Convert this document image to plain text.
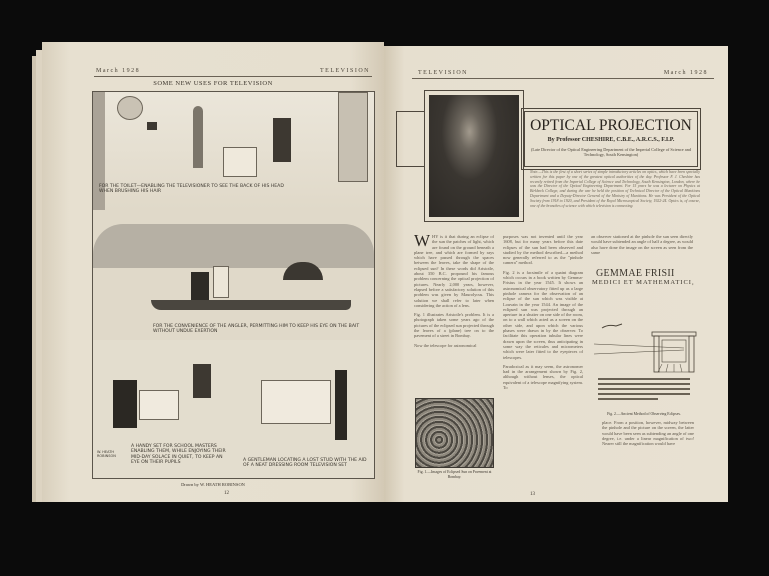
March 1928	TELEVISION
SOME NEW USES FOR TELEVISION
FOR THE TOILET—ENABLING THE TELEVISIONER TO SEE THE BACK OF HIS HEAD WHEN BRUSHING HIS HAIR
FOR THE CONVENIENCE OF THE ANGLER, PERMITTING HIM TO KEEP HIS EYE ON THE BAIT WITHOUT UNDUE EXERTION
W. HEATH ROBINSON
A HANDY SET FOR SCHOOL MASTERS ENABLING THEM, WHILE ENJOYING THEIR MID-DAY SOLACE IN QUIET, TO KEEP AN EYE ON THEIR PUPILS	A GENTLEMAN LOCATING A LOST STUD WITH THE AID OF A NEAT DRESSING ROOM TELEVISION SET
Drawn by W. HEATH ROBINSON
12
TELEVISION	March 1928
OPTICAL PROJECTION
By Professor CHESHIRE, C.B.E., A.R.C.S., F.I.P.
(Late Director of the Optical Engineering Department of the Imperial College of Science and Technology, South Kensington)
Note.—This is the first of a short series of simple introductory articles on optics, which have been specially written for this paper by one of the greatest optical authorities of the day. Professor F. J. Cheshire has recently retired from the Imperial College of Science and Technology, South Kensington, London, where he was the Director of the Optical Engineering Department. For 15 years he was a lecturer on Physics at Birkbeck College, and during the war he held the position of Technical Director of the Optical Munitions Department and a Deputy-Director General of the Ministry of Munitions. He was President of the Optical Society from 1918 to 1920, and President of the Royal Microscopical Society, 1922-24. Optics is, of course, one of the branches of science with which television is connecting.
W HY is it that during an eclipse of the sun the patches of light, which are found on the ground beneath a plane tree, and which are formed by rays which have passed through the spaces between the leaves, take the shape of the eclipsed sun? In these words did Aristotle, about 350 B.C. propound his famous problem concerning the optical projection of pictures. Nearly 2,000 years, however, elapsed before a satisfactory solution of this problem was given by Maurolycus. This solution we shall refer to later when considering the action of a lens.

Fig. 1 illustrates Aristotle's problem. It is a photograph taken some years ago of the pictures of the eclipsed sun projected through the leaves of a (plane) tree on to the pavement of a street in Bombay.

Now the telescope for astronomical

Fig. 1.—Images of Eclipsed Sun on Pavement at Bombay.

purposes was not invented until the year 1608, but for many years before this date eclipses of the sun had been observed and studied by the method described—a method now generally referred to as the "pinhole camera" method.

Fig. 2 is a facsimile of a quaint diagram which occurs in a book written by Gemma-Frisius in the year 1545. It shows an astronomical observatory fitted up as a large pinhole camera for the observation of an eclipse of the sun which was visible at Louvain in the year 1544. An image of the eclipsed sun was projected through an aperture in a shutter on one side of the room, on to a wall which acted as a screen on the other side, and upon which the various phases were drawn in by the observer. To facilitate this operation tubular lines were drawn upon the screen, thus anticipating in some way the reticules and micrometers which were later fitted to the eyepieces of telescopes.

Paradoxical as it may seem, the astronomer had in the arrangement shown by Fig. 2, although without lenses, the optical equivalent of a telescope magnifying system. To

an observer stationed at the pinhole the sun seen directly would have subtended an angle of half a degree, as would also have done the image on the screen as seen from the same
GEMMAE FRISII
MEDICI ET MATHEMATICI,
Fig. 2.—Ancient Method of Observing Eclipses.
place. From a position, however, midway between the pinhole and the picture on the screen, the latter would have been seen as subtending an angle of one degree, i.e. under a linear magnification of two! Nearer still the magnification would have
13
